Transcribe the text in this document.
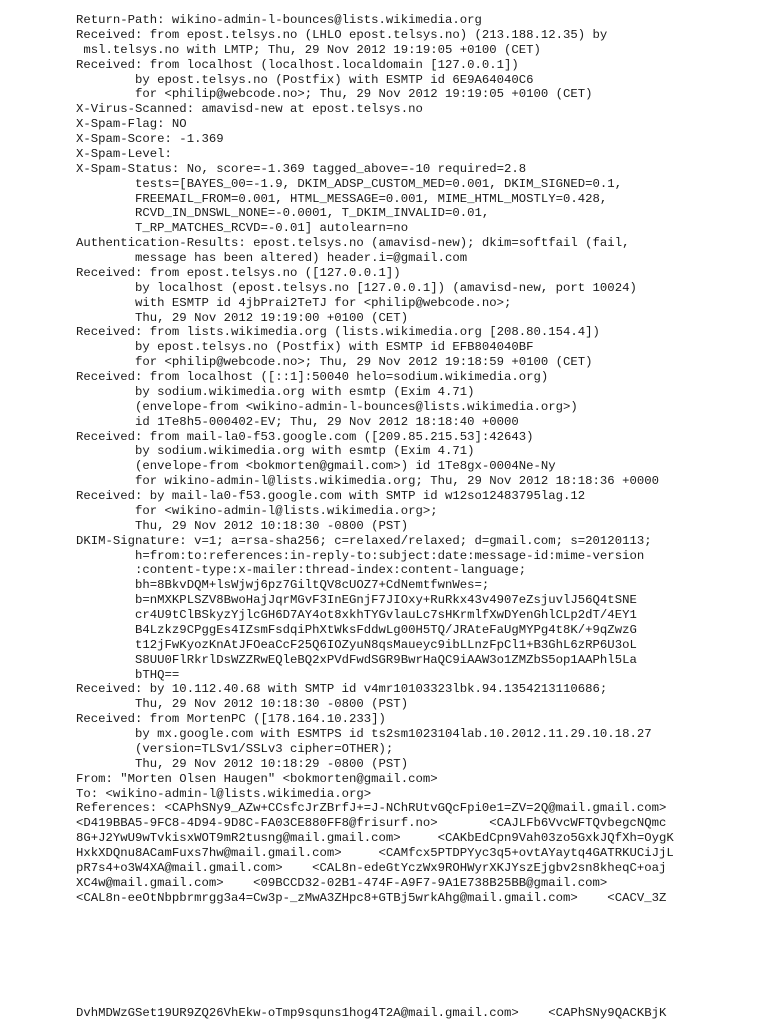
Return-Path: wikino-admin-l-bounces@lists.wikimedia.org
Received: from epost.telsys.no (LHLO epost.telsys.no) (213.188.12.35) by
msl.telsys.no with LMTP; Thu, 29 Nov 2012 19:19:05 +0100 (CET)
Received: from localhost (localhost.localdomain [127.0.0.1])
by epost.telsys.no (Postfix) with ESMTP id 6E9A64040C6
for <philip@webcode.no>; Thu, 29 Nov 2012 19:19:05 +0100 (CET)
X-Virus-Scanned: amavisd-new at epost.telsys.no
X-Spam-Flag: NO
X-Spam-Score: -1.369
X-Spam-Level:
X-Spam-Status: No, score=-1.369 tagged_above=-10 required=2.8
tests=[BAYES_00=-1.9, DKIM_ADSP_CUSTOM_MED=0.001, DKIM_SIGNED=0.1,
FREEMAIL_FROM=0.001, HTML_MESSAGE=0.001, MIME_HTML_MOSTLY=0.428,
RCVD_IN_DNSWL_NONE=-0.0001, T_DKIM_INVALID=0.01,
T_RP_MATCHES_RCVD=-0.01] autolearn=no
Authentication-Results: epost.telsys.no (amavisd-new); dkim=softfail (fail,
message has been altered) header.i=@gmail.com
Received: from epost.telsys.no ([127.0.0.1])
by localhost (epost.telsys.no [127.0.0.1]) (amavisd-new, port 10024)
with ESMTP id 4jbPrai2TeTJ for <philip@webcode.no>;
Thu, 29 Nov 2012 19:19:00 +0100 (CET)
Received: from lists.wikimedia.org (lists.wikimedia.org [208.80.154.4])
by epost.telsys.no (Postfix) with ESMTP id EFB804040BF
for <philip@webcode.no>; Thu, 29 Nov 2012 19:18:59 +0100 (CET)
Received: from localhost ([::1]:50040 helo=sodium.wikimedia.org)
by sodium.wikimedia.org with esmtp (Exim 4.71)
(envelope-from <wikino-admin-l-bounces@lists.wikimedia.org>)
id 1Te8h5-000402-EV; Thu, 29 Nov 2012 18:18:40 +0000
Received: from mail-la0-f53.google.com ([209.85.215.53]:42643)
by sodium.wikimedia.org with esmtp (Exim 4.71)
(envelope-from <bokmorten@gmail.com>) id 1Te8gx-0004Ne-Ny
for wikino-admin-l@lists.wikimedia.org; Thu, 29 Nov 2012 18:18:36 +0000
Received: by mail-la0-f53.google.com with SMTP id w12so12483795lag.12
for <wikino-admin-l@lists.wikimedia.org>;
Thu, 29 Nov 2012 10:18:30 -0800 (PST)
DKIM-Signature: v=1; a=rsa-sha256; c=relaxed/relaxed; d=gmail.com; s=20120113;
h=from:to:references:in-reply-to:subject:date:message-id:mime-version
:content-type:x-mailer:thread-index:content-language;
bh=8BkvDQM+lsWjwj6pz7GiltQV8cUOZ7+CdNemtfwnWes=;
b=nMXKPLSZV8BwoHajJqrMGvF3InEGnjF7JIOxy+RuRkx43v4907eZsjuvlJ56Q4tSNE
cr4U9tClBSkyzYjlcGH6D7AY4ot8xkhTYGvlauLc7sHKrmlfXwDYenGhlCLp2dT/4EY1
B4Lzkz9CPggEs4IZsmFsdqiPhXtWksFddwLg00H5TQ/JRAteFaUgMYPg4t8K/+9qZwzG
t12jFwKyozKnAtJFOeaCcF25Q6IOZyuN8qsMaueyc9ibLLnzFpCl1+B3GhL6zRP6U3oL
S8UU0FlRkrlDsWZZRwEQleBQ2xPVdFwdSGR9BwrHaQC9iAAW3o1ZMZbS5op1AAPhl5La
bTHQ==
Received: by 10.112.40.68 with SMTP id v4mr10103323lbk.94.1354213110686;
Thu, 29 Nov 2012 10:18:30 -0800 (PST)
Received: from MortenPC ([178.164.10.233])
by mx.google.com with ESMTPS id ts2sm1023104lab.10.2012.11.29.10.18.27
(version=TLSv1/SSLv3 cipher=OTHER);
Thu, 29 Nov 2012 10:18:29 -0800 (PST)
From: "Morten Olsen Haugen" <bokmorten@gmail.com>
To: <wikino-admin-l@lists.wikimedia.org>
References: <CAPhSNy9_AZw+CCsfcJrZBrfJ+=J-NChRUtvGQcFpi0e1=ZV=2Q@mail.gmail.com>
<D419BBA5-9FC8-4D94-9D8C-FA03CE880FF8@frisurf.no>       <CAJLFb6VvcWFTQvbegcNQmc
8G+J2YwU9wTvkisxWOT9mR2tusng@mail.gmail.com>     <CAKbEdCpn9Vah03zo5GxkJQfXh=OygK
HxkXDQnu8ACamFuxs7hw@mail.gmail.com>     <CAMfcx5PTDPYyc3q5+ovtAYaytq4GATRKUCiJjL
pR7s4+o3W4XA@mail.gmail.com>    <CAL8n-edeGtYczWx9ROHWyrXKJYszEjgbv2sn8kheqC+oaj
XC4w@mail.gmail.com>    <09BCCD32-02B1-474F-A9F7-9A1E738B25BB@gmail.com>
<CAL8n-eeOtNbpbrmrgg3a4=Cw3p-_zMwA3ZHpc8+GTBj5wrkAhg@mail.gmail.com>    <CACV_3Z
DvhMDWzGSet19UR9ZQ26VhEkw-oTmp9squns1hog4T2A@mail.gmail.com>    <CAPhSNy9QACKBjK
